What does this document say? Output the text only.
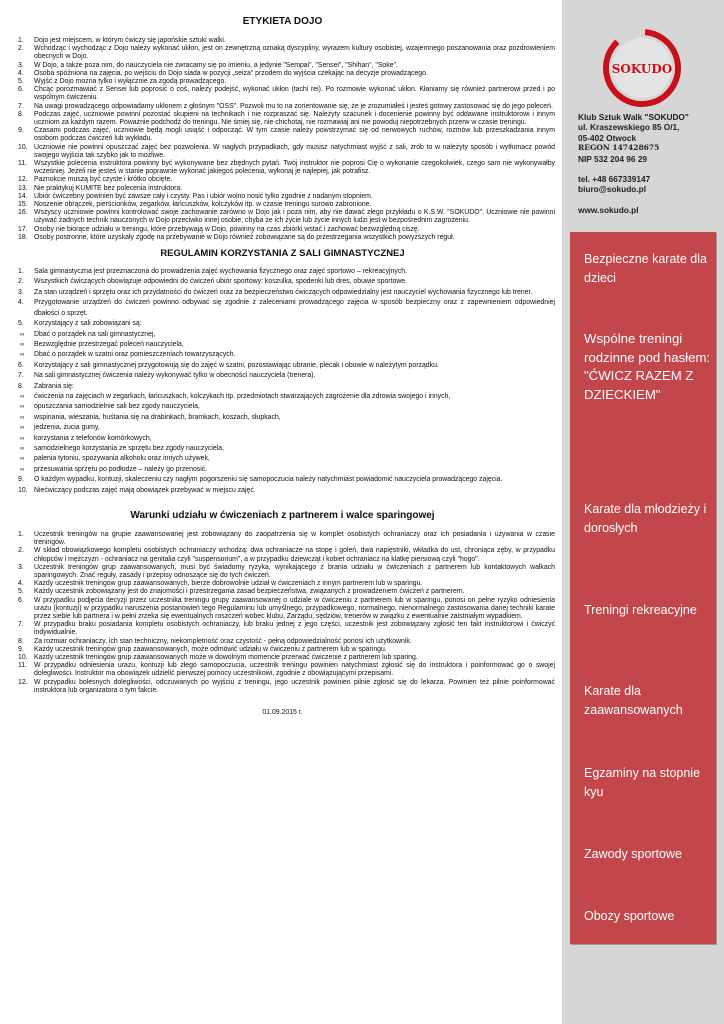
ETYKIETA DOJO
1. Dojo jest miejscem, w którym ćwiczy się japońskie sztuki walki.
2. Wchodząc i wychodząc z Dojo należy wykonać ukłon, jest on zewnętrzną oznaką dyscypliny, wyrazem kultury osobistej, wzajemnego poszanowania oraz pozdrowieniem obecnych w Dojo.
3. W Dojo, a także poza nim, do nauczyciela nie zwracamy się po imieniu, a jedynie "Sempai", "Sensei", "Shihan", "Soke".
4. Osoba spóźniona na zajęcia, po wejściu do Dojo siada w pozycji „seiza" przodem do wyjścia czekając na decyzje prowadzącego.
5. Wyjść z Dojo można tylko i wyłącznie za zgodą prowadzącego.
6. Chcąc porozmawiać z Sensei lub poprosić o coś, należy podejść, wykonać ukłon (tachi rei). Po rozmowie wykonać ukłon. Kłaniamy się również partnerowi przed i po wspólnym ćwiczeniu.
7. Na uwagi prowadzącego odpowiadamy ukłonem z głośnym "OSS". Pozwoli mu to na zorientowanie się, że je zrozumiałeś i jesteś gotowy zastosować się do jego poleceń.
8. Podczas zajęć, uczniowie powinni pozostać skupieni na technikach i nie rozpraszać się. Należyty szacunek i docenienie powinny być oddawane instruktorowi i innym uczniom za każdym razem. Poważnie podchodź do treningu. Nie śmiej się, nie chichotaj, nie rozmawiaj ani nie powoduj niepotrzebnych przerw w czasie treningu.
9. Czasami podczas zajęć, uczniowie będą mogli usiąść i odpocząć. W tym czasie należy powstrzymać się od nerwowych ruchów, rozmów lub przeszkadzania innym osobom podczas ćwiczeń lub wykładu.
10. Uczniowie nie powinni opuszczać zajęć bez pozwolenia. W nagłych przypadkach, gdy musisz natychmiast wyjść z sali, zrób to w należyty sposób i wytłumacz powód swojego wyjścia tak szybko jak to możliwe.
11. Wszystkie polecenia instruktora powinny być wykonywane bez zbędnych pytań. Twój instruktor nie poprosi Cię o wykonanie czegokolwiek, czego sam nie wykonywałby wcześniej. Jeżeli nie jesteś w stanie poprawnie wykonać jakiegoś polecenia, wykonaj je najlepiej, jak potrafisz.
12. Paznokcie muszą być czyste i krótko obcięte.
13. Nie praktykuj KUMITE bez polecenia instruktora.
14. Ubiór ćwiczebny powinien być zawsze cały i czysty. Pas i ubiór wolno nosić tylko zgodnie z nadanym stopniem.
15. Noszenie obrączek, pierścionków, zegarków, łańcuszków, kolczyków itp. w czasie treningu surowo zabronione.
16. Wszyscy uczniowie powinni kontrolować swoje zachowanie zarówno w Dojo jak i poza nim, aby nie dawać złego przykładu o K.S.W. "SOKUDO". Uczniowie nie powinni używać żadnych technik nauczonych w Dojo przeciwko innej osobie, chyba że ich życie lub życie innych ludzi jest w bezpośrednim zagrożeniu.
17. Osoby nie biorące udziału w treningu, które przebywają w Dojo, powinny na czas zbiórki wstać i zachować bezwzględną ciszę.
18. Osoby postronne, które uzyskały zgodę na przebywanie w Dojo również zobowiązane są do przestrzegania wszystkich powyższych reguł.
REGULAMIN KORZYSTANIA Z SALI GIMNASTYCZNEJ
1. Sala gimnastyczna jest przeznaczona do prowadzenia zajęć wychowania fizycznego oraz zajęć sportowo – rekreacyjnych.
2. Wszystkich ćwiczących obowiązuje odpowiedni do ćwiczeń ubiór sportowy: koszulka, spodenki lub dres, obuwie sportowe.
3. Za stan urządzeń i sprzętu oraz ich przydatności do ćwiczeń oraz za bezpieczeństwo ćwiczących odpowiedzialny jest nauczyciel wychowania fizycznego lub trener.
4. Przygotowanie urządzeń do ćwiczeń powinno odbywać się zgodnie z zaleceniami prowadzącego zajęcia w sposób bezpieczny oraz z zapewnieniem odpowiedniej dbałości o sprzęt.
5. Korzystający z sali zobowiązani są:
∞ Dbać o porządek na sali gimnastycznej,
∞ Bezwzględnie przestrzegać poleceń nauczyciela,
∞ Dbać o porządek w szatni oraz pomieszczeniach towarzyszących.
6. Korzystający z sali gimnastycznej przygotowują się do zajęć w szatni, pozostawiając ubranie, plecak i obuwie w należytym porządku.
7. Na sali gimnastycznej ćwiczenia należy wykonywać tylko w obecności nauczyciela (trenera).
8. Zabrania się:
∞ ćwiczenia na zajęciach w zegarkach, łańcuszkach, kolczykach itp. przedmiotach stwarzających zagrożenie dla zdrowia swojego i innych,
∞ opuszczania samodzielnie sali bez zgody nauczyciela,
∞ wspinania, wieszania, huśtania się na drabinkach, bramkach, koszach, słupkach,
∞ jedzenia, żucia gumy,
∞ korzystania z telefonów komórkowych,
∞ samodzielnego korzystania ze sprzętu bez zgody nauczyciela,
∞ palenia tytoniu, spożywania alkoholu oraz innych używek,
∞ przesuwania sprzętu po podłodze – należy go przenosić.
9. O każdym wypadku, kontuzji, skaleczeniu czy nagłym pogorszeniu się samopoczucia należy natychmiast powiadomić nauczyciela prowadzącego zajęcia.
10. Niećwiczący podczas zajęć mają obowiązek przebywać w miejscu zajęć.
Warunki udziału w ćwiczeniach z partnerem i walce sparingowej
1. Uczestnik treningów na grupie zaawansowanej jest zobowiązany do zaopatrzenia się w komplet osobistych ochraniaczy oraz ich posiadania i używania w czasie treningów.
2. W skład obowiązkowego kompletu osobistych ochraniaczy wchodzą: dwa ochraniacze na stopę i goleń, dwa napięstniki, wkładka do ust, chroniąca zęby, w przypadku chłopców i mężczyzn - ochraniacz na genitalia czyli "suspensorium", a w przypadku dziewcząt i kobiet ochraniacz na klatkę piersiową czyli "hogo".
3. Uczestnik treningów grup zaawansowanych, musi być świadomy ryzyka, wynikającego z brania udziału w ćwiczeniach z partnerem lub kontaktowych walkach sparingowych. Znać reguły, zasady i przepisy odnoszące się do tych ćwiczeń.
4. Każdy uczestnik treningów grup zaawansowanych, bierze dobrowolnie udział w ćwiczeniach z innym partnerem lub w sparingu.
5. Każdy uczestnik zobowiązany jest do znajomości i przestrzegania zasad bezpieczeństwa, związanych z prowadzeniem ćwiczeń z partnerem.
6. W przypadku podjęcia decyzji przez uczestnika treningu grupy zaawansowanej o udziale w ćwiczeniu z partnerem lub w sparingu, ponosi on pełne ryzyko odniesienia urazu (kontuzji) w przypadku naruszenia postanowień tego Regulaminu lub umyślnego, przypadkowego, normalnego, nienormalnego zastosowania danej techniki karate przez siebie lub partnera i w pełni zrzeka się ewentualnych roszczeń wobec klubu, Zarządu, sędziów, trenerów w związku z ewentualnie zaistniałym wypadkiem.
7. W przypadku braku posiadania kompletu osobistych ochraniaczy, lub braku jednej z jego części, uczestnik jest zobowiązany zgłosić ten fakt instruktorowi i ćwiczyć indywidualnie.
8. Za rozmiar ochraniaczy, ich stan techniczny, niekompletność oraz czystość - pełną odpowiedzialność ponosi ich użytkownik.
9. Każdy uczestnik treningów grup zaawansowanych, może odmówić udziału w ćwiczeniu z partnerem lub w sparingu.
10. Każdy uczestnik treningów grup zaawansowanych może w dowolnym momencie przerwać ćwiczenie z partnerem lub sparing.
11. W przypadku odniesienia urazu, kontuzji lub złego samopoczucia, uczestnik treningu powinien natychmiast zgłosić się do instruktora i poinformować go o swojej dolegliwości. Instruktor ma obowiązek udzielić pierwszej pomocy uczestnikowi, zgodnie z obowiązującymi przepisami.
12. W przypadku bolesnych dolegliwości, odczuwanych po wyjściu z treningu, jego uczestnik powinien pilnie zgłosić się do lekarza. Powinien też pilnie poinformować instruktora lub organizatora o tym fakcie.
01.09.2015 r.
SOKUDO
Klub Sztuk Walk "SOKUDO"
ul. Kraszewskiego 85 O/1,
05-402 Otwock
REGON 147428675
NIP 532 204 96 29
tel. +48 667339147
biuro@sokudo.pl
www.sokudo.pl
Bezpieczne karate dla dzieci
Wspólne treningi rodzinne pod hasłem: "ĆWICZ RAZEM Z DZIECKIEM"
Karate dla młodzieży i dorosłych
Treningi rekreacyjne
Karate dla zaawansowanych
Egzaminy na stopnie kyu
Zawody sportowe
Obozy sportowe
